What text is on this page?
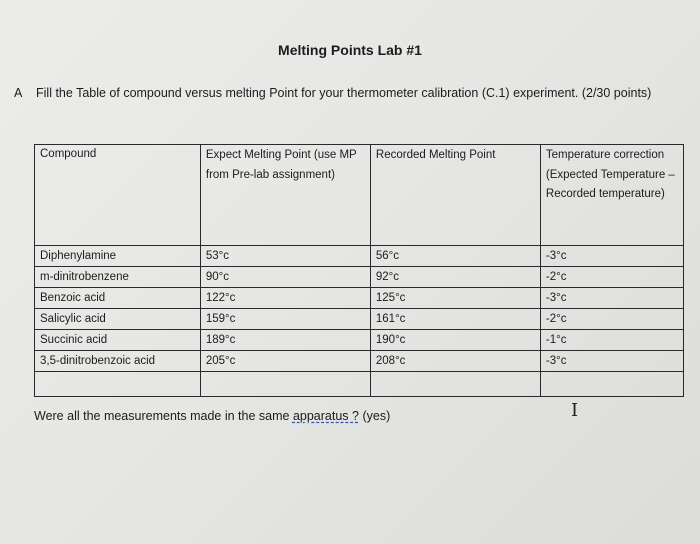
Melting Points Lab #1
A Fill the Table of compound versus melting Point for your thermometer calibration (C.1) experiment. (2/30 points)
Compound	Expect Melting Point (use MP from Pre-lab assignment)	Recorded Melting Point	Temperature correction (Expected Temperature – Recorded temperature)
Diphenylamine	53°c	56°c	-3°c
m-dinitrobenzene	90°c	92°c	-2°c
Benzoic acid	122°c	125°c	-3°c
Salicylic acid	159°c	161°c	-2°c
Succinic acid	189°c	190°c	-1°c
3,5-dinitrobenzoic acid	205°c	208°c	-3°c

I
Were all the measurements made in the same apparatus ? (yes)
